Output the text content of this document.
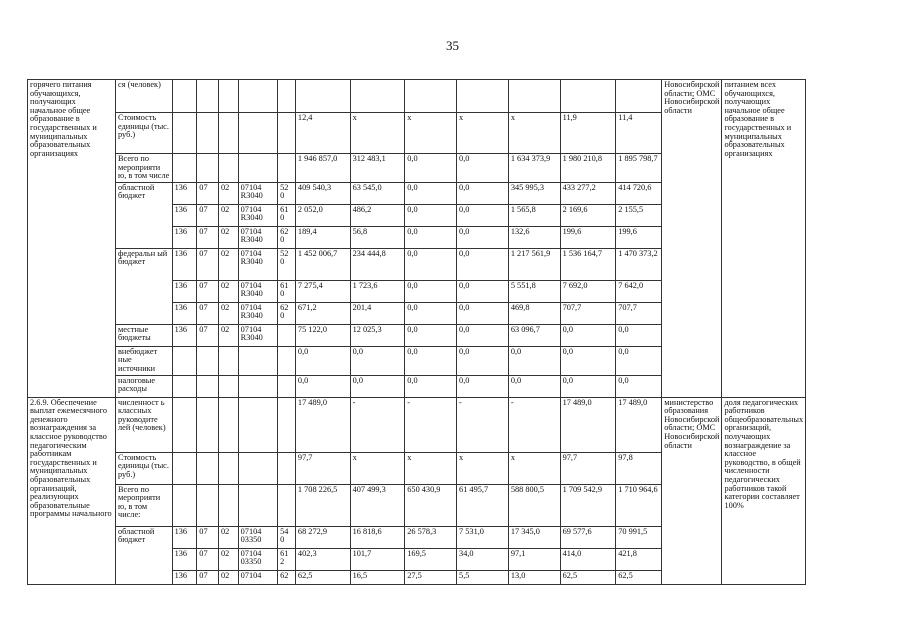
35
горячего питания обучающихся, получающих начальное общее образование в государственных и муниципальных образовательных организациях	ся (человек)													Новосибирской области; ОМС Новосибирской области	питанием всех обучающихся, получающих начальное общее образование в государственных и муниципальных образовательных организациях
	Стоимость единицы (тыс. руб.)						12,4	x	x	x	x	11,9	11,4		
	Всего по мероприяти ю, в том числе						1 946 857,0	312 483,1	0,0	0,0	1 634 373,9	1 980 210,8	1 895 798,7		
	областной бюджет	136	07	02	07104 R3040	52 0	409 540,3	63 545,0	0,0	0,0	345 995,3	433 277,2	414 720,6		
		136	07	02	07104 R3040	61 0	2 052,0	486,2	0,0	0,0	1 565,8	2 169,6	2 155,5		
		136	07	02	07104 R3040	62 0	189,4	56,8	0,0	0,0	132,6	199,6	199,6		
	федеральн ый бюджет	136	07	02	07104 R3040	52 0	1 452 006,7	234 444,8	0,0	0,0	1 217 561,9	1 536 164,7	1 470 373,2		
		136	07	02	07104 R3040	61 0	7 275,4	1 723,6	0,0	0,0	5 551,8	7 692,0	7 642,0		
		136	07	02	07104 R3040	62 0	671,2	201,4	0,0	0,0	469,8	707,7	707,7		
	местные бюджеты	136	07	02	07104 R3040		75 122,0	12 025,3	0,0	0,0	63 096,7	0,0	0,0		
	внебюджет ные источники						0,0	0,0	0,0	0,0	0,0	0,0	0,0		
	налоговые расходы						0,0	0,0	0,0	0,0	0,0	0,0	0,0		
2.6.9. Обеспечение выплат ежемесячного денежного вознаграждения за классное руководство педагогическим работникам государственных и муниципальных образовательных организаций, реализующих образовательные программы начального	численност ь классных руководите лей (человек)						17 489,0	-	-	-	-	17 489,0	17 489,0	министерство образования Новосибирской области; ОМС Новосибирской области	доля педагогических работников общеобразовательных организаций, получающих вознаграждение за классное руководство, в общей численности педагогических работников такой категории составляет 100%
	Стоимость единицы (тыс. руб.)						97,7	x	x	x	x	97,7	97,8		
	Всего по мероприяти ю, в том числе:						1 708 226,5	407 499,3	650 430,9	61 495,7	588 800,5	1 709 542,9	1 710 964,6		
	областной бюджет	136	07	02	07104 03350	54 0	68 272,9	16 818,6	26 578,3	7 531,0	17 345,0	69 577,6	70 991,5		
		136	07	02	07104 03350	61 2	402,3	101,7	169,5	34,0	97,1	414,0	421,8		
		136	07	02	07104	62	62,5	16,5	27,5	5,5	13,0	62,5	62,5		
